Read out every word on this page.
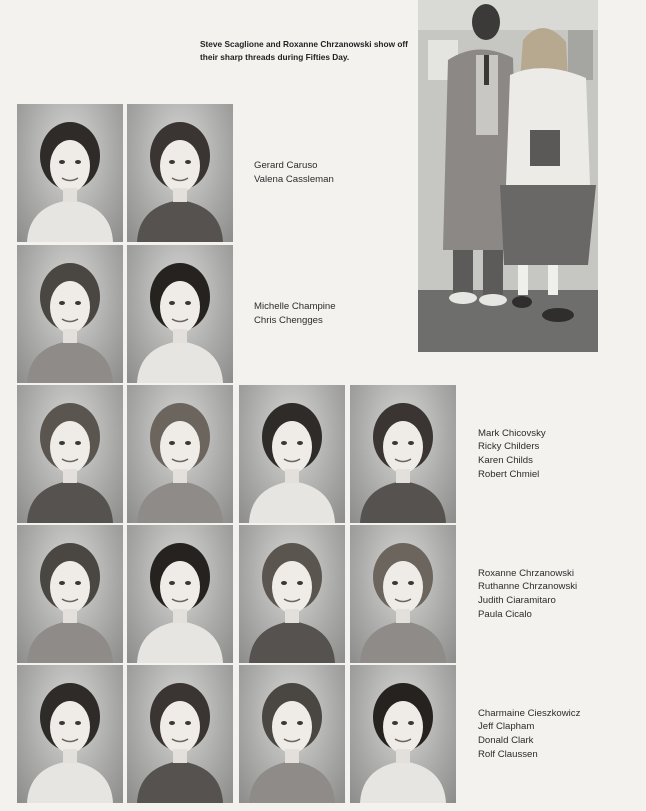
Steve Scaglione and Roxanne Chrzanowski show off their sharp threads during Fifties Day.
Gerard Caruso
Valena Cassleman
Michelle Champine
Chris Chengges
Mark Chicovsky
Ricky Childers
Karen Childs
Robert Chmiel
Roxanne Chrzanowski
Ruthanne Chrzanowski
Judith Ciaramitaro
Paula Cicalo
Charmaine Cieszkowicz
Jeff Clapham
Donald Clark
Rolf Claussen
